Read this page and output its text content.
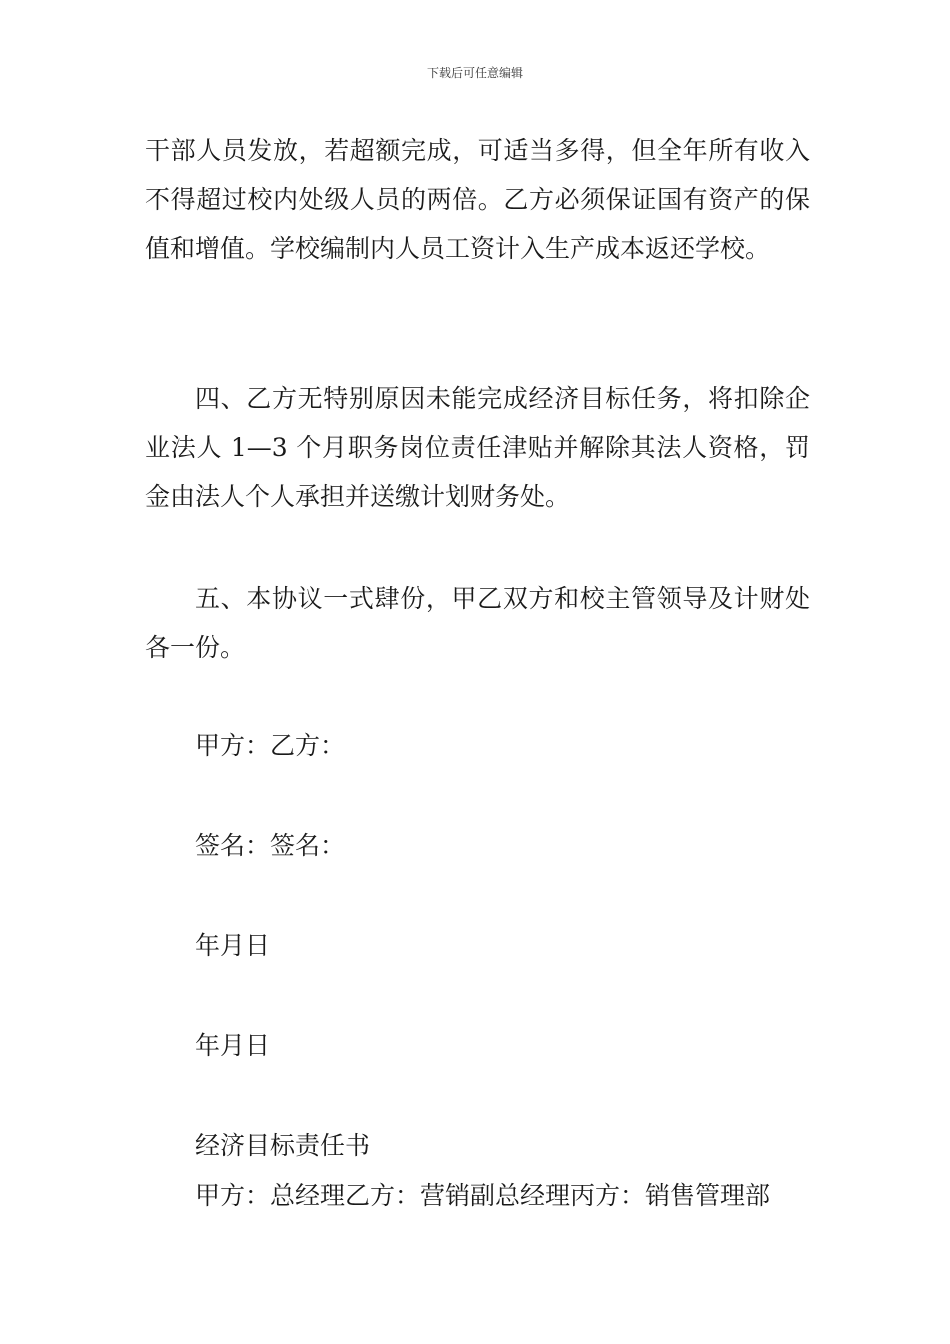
下载后可任意编辑

干部人员发放，若超额完成，可适当多得，但全年所有收入不得超过校内处级人员的两倍。乙方必须保证国有资产的保值和增值。学校编制内人员工资计入生产成本返还学校。

四、乙方无特别原因未能完成经济目标任务，将扣除企业法人 1—3 个月职务岗位责任津贴并解除其法人资格，罚金由法人个人承担并送缴计划财务处。

五、本协议一式肆份，甲乙双方和校主管领导及计财处各一份。

甲方：乙方：

签名：签名：

年月日

年月日

经济目标责任书

甲方：总经理乙方：营销副总经理丙方：销售管理部
